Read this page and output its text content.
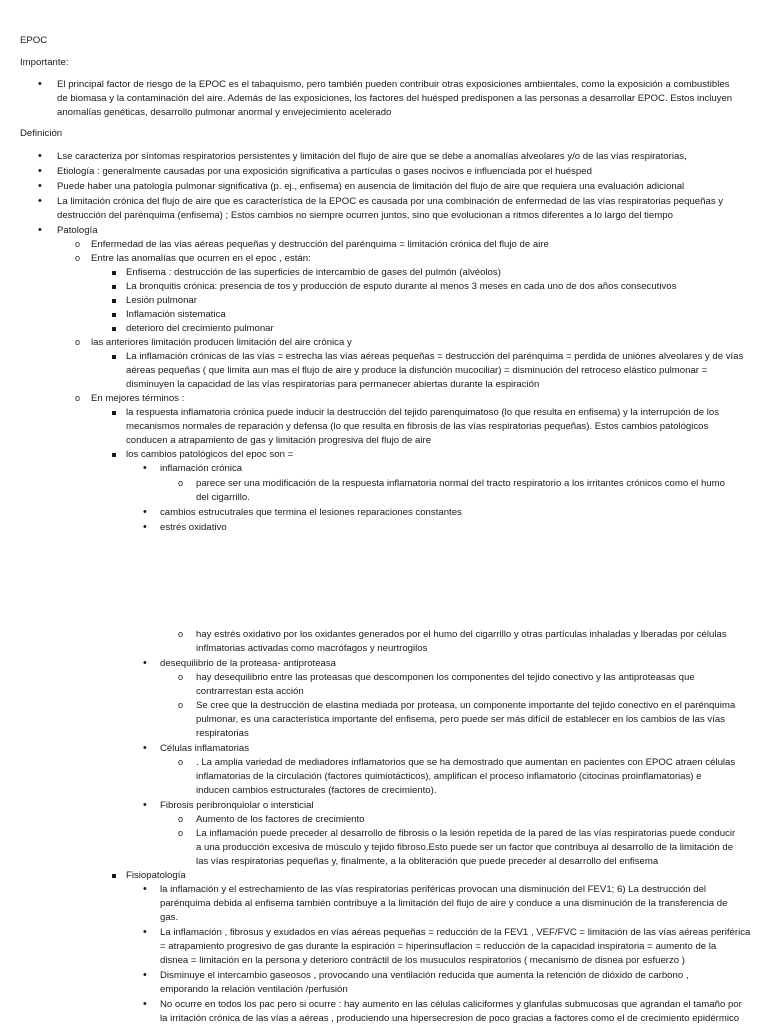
EPOC
Importante:
• El principal factor de riesgo de la EPOC es el tabaquismo, pero también pueden contribuir otras exposiciones ambientales, como la exposición a combustibles
de biomasa y la contaminación del aire. Además de las exposiciones, los factores del huésped predisponen a las personas a desarrollar EPOC. Estos incluyen
anomalías genéticas, desarrollo pulmonar anormal y envejecimiento acelerado
Definición
• Lse caracteriza por síntomas respiratorios persistentes y limitación del flujo de aire que se debe a anomalías alveolares y/o de las vías respiratorias,
• Etiología : generalmente causadas por una exposición significativa a partículas o gases nocivos e influenciada por el huésped
• Puede haber una patología pulmonar significativa (p. ej., enfisema) en ausencia de limitación del flujo de aire que requiera una evaluación adicional
• La limitación crónica del flujo de aire que es característica de la EPOC es causada por una combinación de enfermedad de las vías respiratorias pequeñas y
destrucción del parénquima (enfisema) ; Estos cambios no siempre ocurren juntos, sino que evolucionan a ritmos diferentes a lo largo del tiempo
• Patología
o Enfermedad de las vías aéreas pequeñas y destrucción del parénquima = limitación crónica del flujo de aire
o Entre las anomalías que ocurren en el epoc , están:
Enfisema : destrucción de las superficies de intercambio de gases del pulmón (alvéolos)
La bronquitis crónica: presencia de tos y producción de esputo durante al menos 3 meses en cada uno de dos años consecutivos
Lesión pulmonar
Inflamación sistematica
deterioro del crecimiento pulmonar
o las anteriores limitación producen limitación del aire crónica y
La inflamación crónicas de las vías = estrecha las vías aéreas pequeñas = destrucción del parénquima = perdida de uniónes alveolares y de vías
aéreas pequeñas ( que limita aun mas el flujo de aire y produce la disfunción mucociliar) = disminución del retroceso elástico pulmonar =
disminuyen la capacidad de las vías respiratorias para permanecer abiertas durante la espiración
o En mejores términos :
la respuesta inflamatoria crónica puede inducir la destrucción del tejido parenquimatoso (lo que resulta en enfisema) y la interrupción de los
mecanismos normales de reparación y defensa (lo que resulta en fibrosis de las vías respiratorias pequeñas). Estos cambios patológicos
conducen a atrapamiento de gas y limitación progresiva del flujo de aire
los cambios patológicos del epoc son =
• inflamación crónica
o parece ser una modificación de la respuesta inflamatoria normal del tracto respiratorio a los irritantes crónicos como el humo
del cigarrillo.
• cambios estrucutrales que termina el lesiones reparaciones constantes
• estrés oxidativo
o hay estrés oxidativo por los oxidantes generados por el humo del cigarrillo y otras partículas inhaladas y lberadas por células
inflmatorias activadas como macrófagos y neurtrogilos
• desequilibrio de la proteasa- antiproteasa
o hay desequilibrio entre las proteasas que descomponen los componentes del tejido conectivo y las antiproteasas que
contrarrestan esta acción
o Se cree que la destrucción de elastina mediada por proteasa, un componente importante del tejido conectivo en el parénquima
pulmonar, es una característica importante del enfisema, pero puede ser más difícil de establecer en los cambios de las vías
respiratorias
• Células inflamatorias
o . La amplia variedad de mediadores inflamatorios que se ha demostrado que aumentan en pacientes con EPOC atraen células
inflamatorias de la circulación (factores quimiotácticos), amplifican el proceso inflamatorio (citocinas proinflamatorias) e
inducen cambios estructurales (factores de crecimiento).
• Fibrosis peribronquiolar o intersticial
o Aumento de los factores de crecimiento
o La inflamación puede preceder al desarrollo de fibrosis o la lesión repetida de la pared de las vías respiratorias puede conducir
a una producción excesiva de músculo y tejido fibroso.Esto puede ser un factor que contribuya al desarrollo de la limitación de
las vías respiratorias pequeñas y, finalmente, a la obliteración que puede preceder al desarrollo del enfisema
Fisiopatología
• la inflamación y el estrechamiento de las vías respiratorias periféricas provocan una disminución del FEV1; 6) La destrucción del
parénquima debida al enfisema también contribuye a la limitación del flujo de aire y conduce a una disminución de la transferencia de
gas.
• La inflamación , fibrosus y exudados en vías aéreas pequeñas = reducción de la FEV1 , VEF/FVC = limitación de las vías aéreas periférica
= atrapamiento progresivo de gas durante la espiración = hiperinsuflacion = reducción de la capacidad inspiratoria = aumento de la
disnea = limitación en la persona y deterioro contráctil de los musuculos respiratorios ( mecanismo de disnea por esfuerzo )
• Disminuye el intercambio gaseosos , provocando una ventilación reducida que aumenta la retención de dióxido de carbono ,
emporando la relación ventilación /perfusión
• No ocurre en todos los pac pero si ocurre : hay aumento en las células caliciformes y glanfulas submucosas que agrandan el tamaño por
la irritación crónica de las vías a aéreas , produciendo una hipersecresion de poco gracias a factores como el de crecimiento epidérmico
